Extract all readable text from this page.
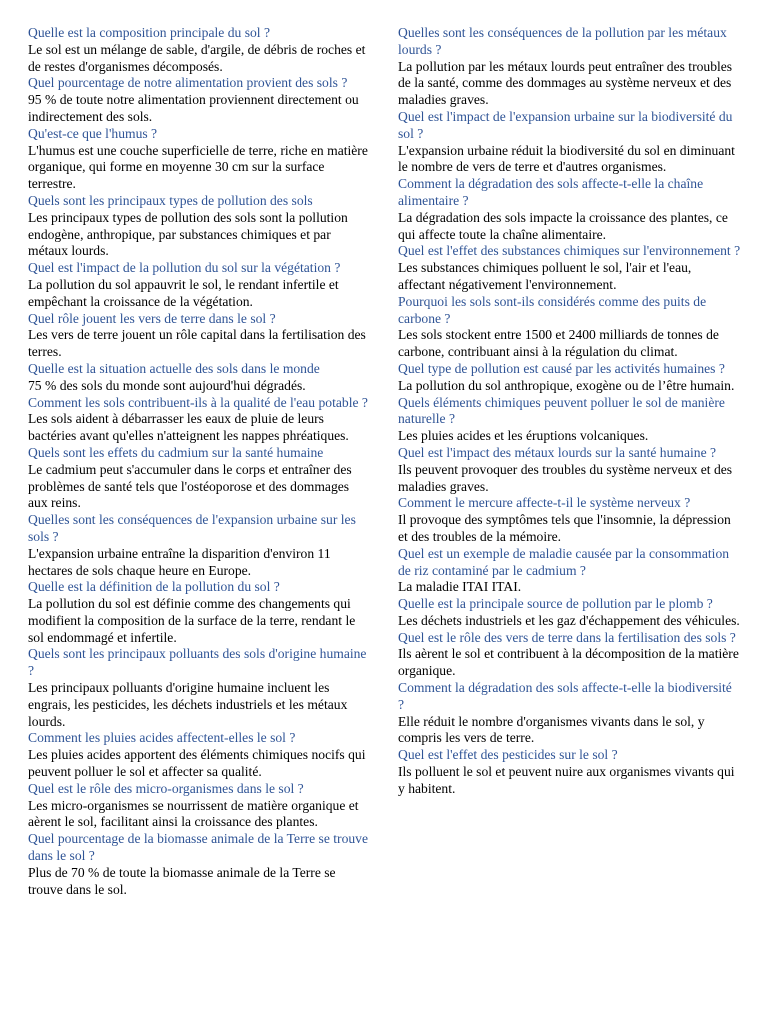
Quelle est la composition principale du sol ?

Le sol est un mélange de sable, d'argile, de débris de roches et de restes d'organismes décomposés.

Quel pourcentage de notre alimentation provient des sols ?

95 % de toute notre alimentation proviennent directement ou indirectement des sols.

Qu'est-ce que l'humus ?

L'humus est une couche superficielle de terre, riche en matière organique, qui forme en moyenne 30 cm sur la surface terrestre.

Quels sont les principaux types de pollution des sols

Les principaux types de pollution des sols sont la pollution endogène, anthropique, par substances chimiques et par métaux lourds.

Quel est l'impact de la pollution du sol sur la végétation ?

La pollution du sol appauvrit le sol, le rendant infertile et empêchant la croissance de la végétation.

Quel rôle jouent les vers de terre dans le sol ?

Les vers de terre jouent un rôle capital dans la fertilisation des terres.

Quelle est la situation actuelle des sols dans le monde

75 % des sols du monde sont aujourd'hui dégradés.

Comment les sols contribuent-ils à la qualité de l'eau potable ?

Les sols aident à débarrasser les eaux de pluie de leurs bactéries avant qu'elles n'atteignent les nappes phréatiques.

Quels sont les effets du cadmium sur la santé humaine

Le cadmium peut s'accumuler dans le corps et entraîner des problèmes de santé tels que l'ostéoporose et des dommages aux reins.

Quelles sont les conséquences de l'expansion urbaine sur les sols ?

L'expansion urbaine entraîne la disparition d'environ 11 hectares de sols chaque heure en Europe.

Quelle est la définition de la pollution du sol ?

La pollution du sol est définie comme des changements qui modifient la composition de la surface de la terre, rendant le sol endommagé et infertile.

Quels sont les principaux polluants des sols d'origine humaine ?

Les principaux polluants d'origine humaine incluent les engrais, les pesticides, les déchets industriels et les métaux lourds.

Comment les pluies acides affectent-elles le sol ?

Les pluies acides apportent des éléments chimiques nocifs qui peuvent polluer le sol et affecter sa qualité.

Quel est le rôle des micro-organismes dans le sol ?

Les micro-organismes se nourrissent de matière organique et aèrent le sol, facilitant ainsi la croissance des plantes.

Quel pourcentage de la biomasse animale de la Terre se trouve dans le sol ?

Plus de 70 % de toute la biomasse animale de la Terre se trouve dans le sol.

Quelles sont les conséquences de la pollution par les métaux lourds ?

La pollution par les métaux lourds peut entraîner des troubles de la santé, comme des dommages au système nerveux et des maladies graves.

Quel est l'impact de l'expansion urbaine sur la biodiversité du sol ?

L'expansion urbaine réduit la biodiversité du sol en diminuant le nombre de vers de terre et d'autres organismes.

Comment la dégradation des sols affecte-t-elle la chaîne alimentaire ?

La dégradation des sols impacte la croissance des plantes, ce qui affecte toute la chaîne alimentaire.

Quel est l'effet des substances chimiques sur l'environnement ?

Les substances chimiques polluent le sol, l'air et l'eau, affectant négativement l'environnement.

Pourquoi les sols sont-ils considérés comme des puits de carbone ?

Les sols stockent entre 1500 et 2400 milliards de tonnes de carbone, contribuant ainsi à la régulation du climat.

Quel type de pollution est causé par les activités humaines ?

La pollution du sol anthropique, exogène ou de l’être humain.

Quels éléments chimiques peuvent polluer le sol de manière naturelle ?

Les pluies acides et les éruptions volcaniques.

Quel est l'impact des métaux lourds sur la santé humaine ?

Ils peuvent provoquer des troubles du système nerveux et des maladies graves.

Comment le mercure affecte-t-il le système nerveux ?

Il provoque des symptômes tels que l'insomnie, la dépression et des troubles de la mémoire.

Quel est un exemple de maladie causée par la consommation de riz contaminé par le cadmium ?

La maladie ITAI ITAI.

Quelle est la principale source de pollution par le plomb ?

Les déchets industriels et les gaz d'échappement des véhicules.

Quel est le rôle des vers de terre dans la fertilisation des sols ?

Ils aèrent le sol et contribuent à la décomposition de la matière organique.

Comment la dégradation des sols affecte-t-elle la biodiversité ?

Elle réduit le nombre d'organismes vivants dans le sol, y compris les vers de terre.

Quel est l'effet des pesticides sur le sol ?

Ils polluent le sol et peuvent nuire aux organismes vivants qui y habitent.
